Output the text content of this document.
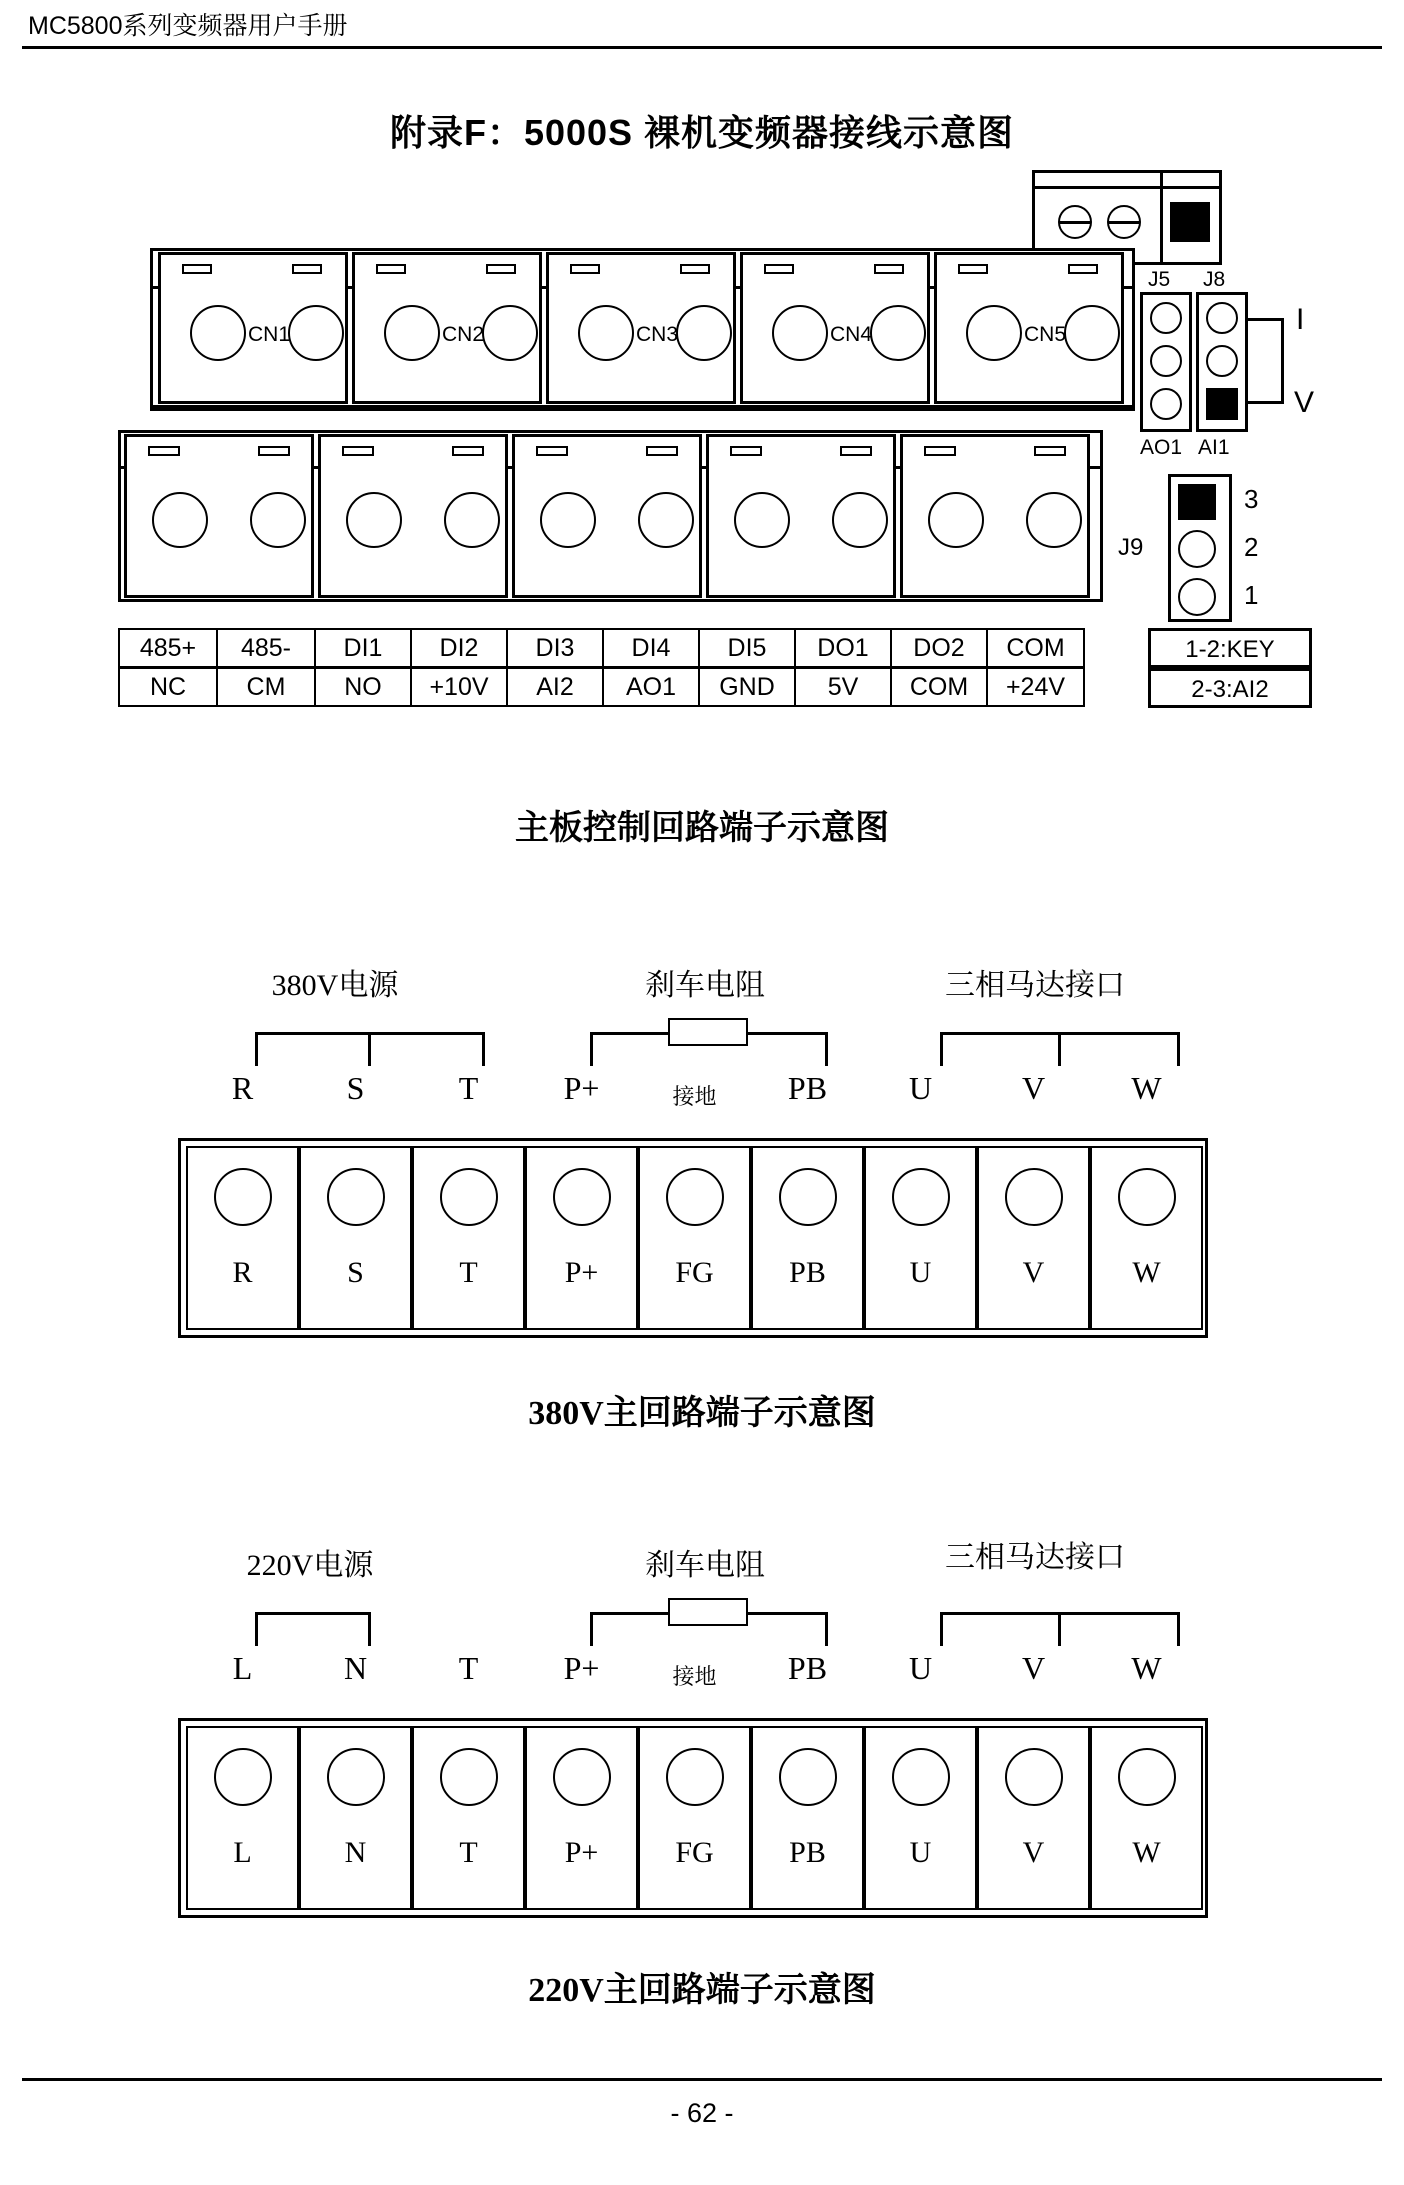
MC5800系列变频器用户手册
附录F：5000S 裸机变频器接线示意图
J5 J8
I
V
AO1 AI1
CN1	CN2	CN3	CN4	CN5
J9
3
2
1
485+	485-	DI1	DI2	DI3	DI4	DI5	DO1	DO2	COM
NC	CM	NO	+10V	AI2	AO1	GND	5V	COM	+24V
1-2:KEY
2-3:AI2
主板控制回路端子示意图
380V电源	刹车电阻	三相马达接口
R	S	T	P+	接地	PB	U	V	W
R	S	T	P+	FG	PB	U	V	W
380V主回路端子示意图
220V电源	刹车电阻	三相马达接口
L	N	T	P+	接地	PB	U	V	W
L	N	T	P+	FG	PB	U	V	W
220V主回路端子示意图
- 62 -
